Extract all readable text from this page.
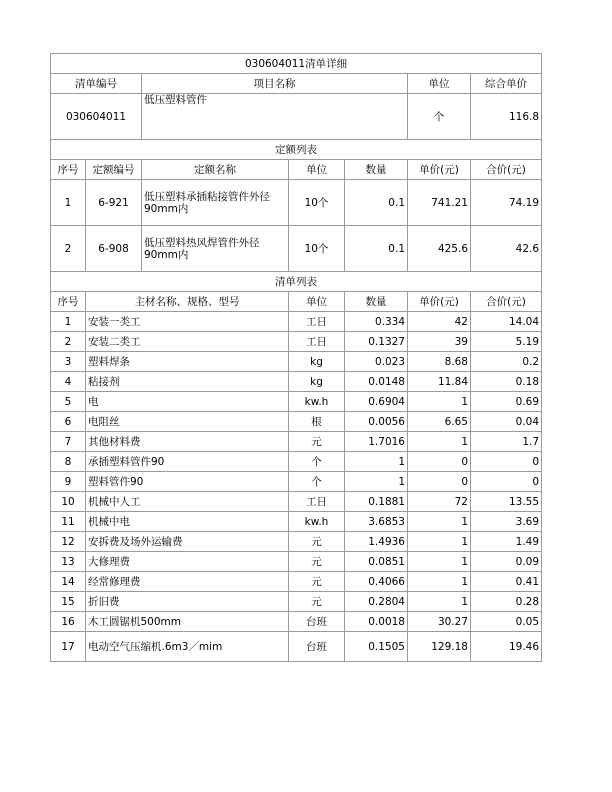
030604011清单详细						
清单编号		项目名称			单位	综合单价
030604011		低压塑料管件			个	116.8
定额列表						
序号	定额编号	定额名称	单位	数量	单价(元)	合价(元)
1	6-921	低压塑料承插粘接管件外径90mm内	10个	0.1	741.21	74.19
2	6-908	低压塑料热风焊管件外径90mm内	10个	0.1	425.6	42.6
清单列表						
序号	主材名称、规格、型号		单位	数量	单价(元)	合价(元)
1	安装一类工		工日	0.334	42	14.04
2	安装二类工		工日	0.1327	39	5.19
3	塑料焊条		kg	0.023	8.68	0.2
4	粘接剂		kg	0.0148	11.84	0.18
5	电		kw.h	0.6904	1	0.69
6	电阻丝		根	0.0056	6.65	0.04
7	其他材料费		元	1.7016	1	1.7
8	承插塑料管件90		个	1	0	0
9	塑料管件90		个	1	0	0
10	机械中人工		工日	0.1881	72	13.55
11	机械中电		kw.h	3.6853	1	3.69
12	安拆费及场外运输费		元	1.4936	1	1.49
13	大修理费		元	0.0851	1	0.09
14	经常修理费		元	0.4066	1	0.41
15	折旧费		元	0.2804	1	0.28
16	木工圆锯机500mm		台班	0.0018	30.27	0.05
17	电动空气压缩机.6m3／mim		台班	0.1505	129.18	19.46
